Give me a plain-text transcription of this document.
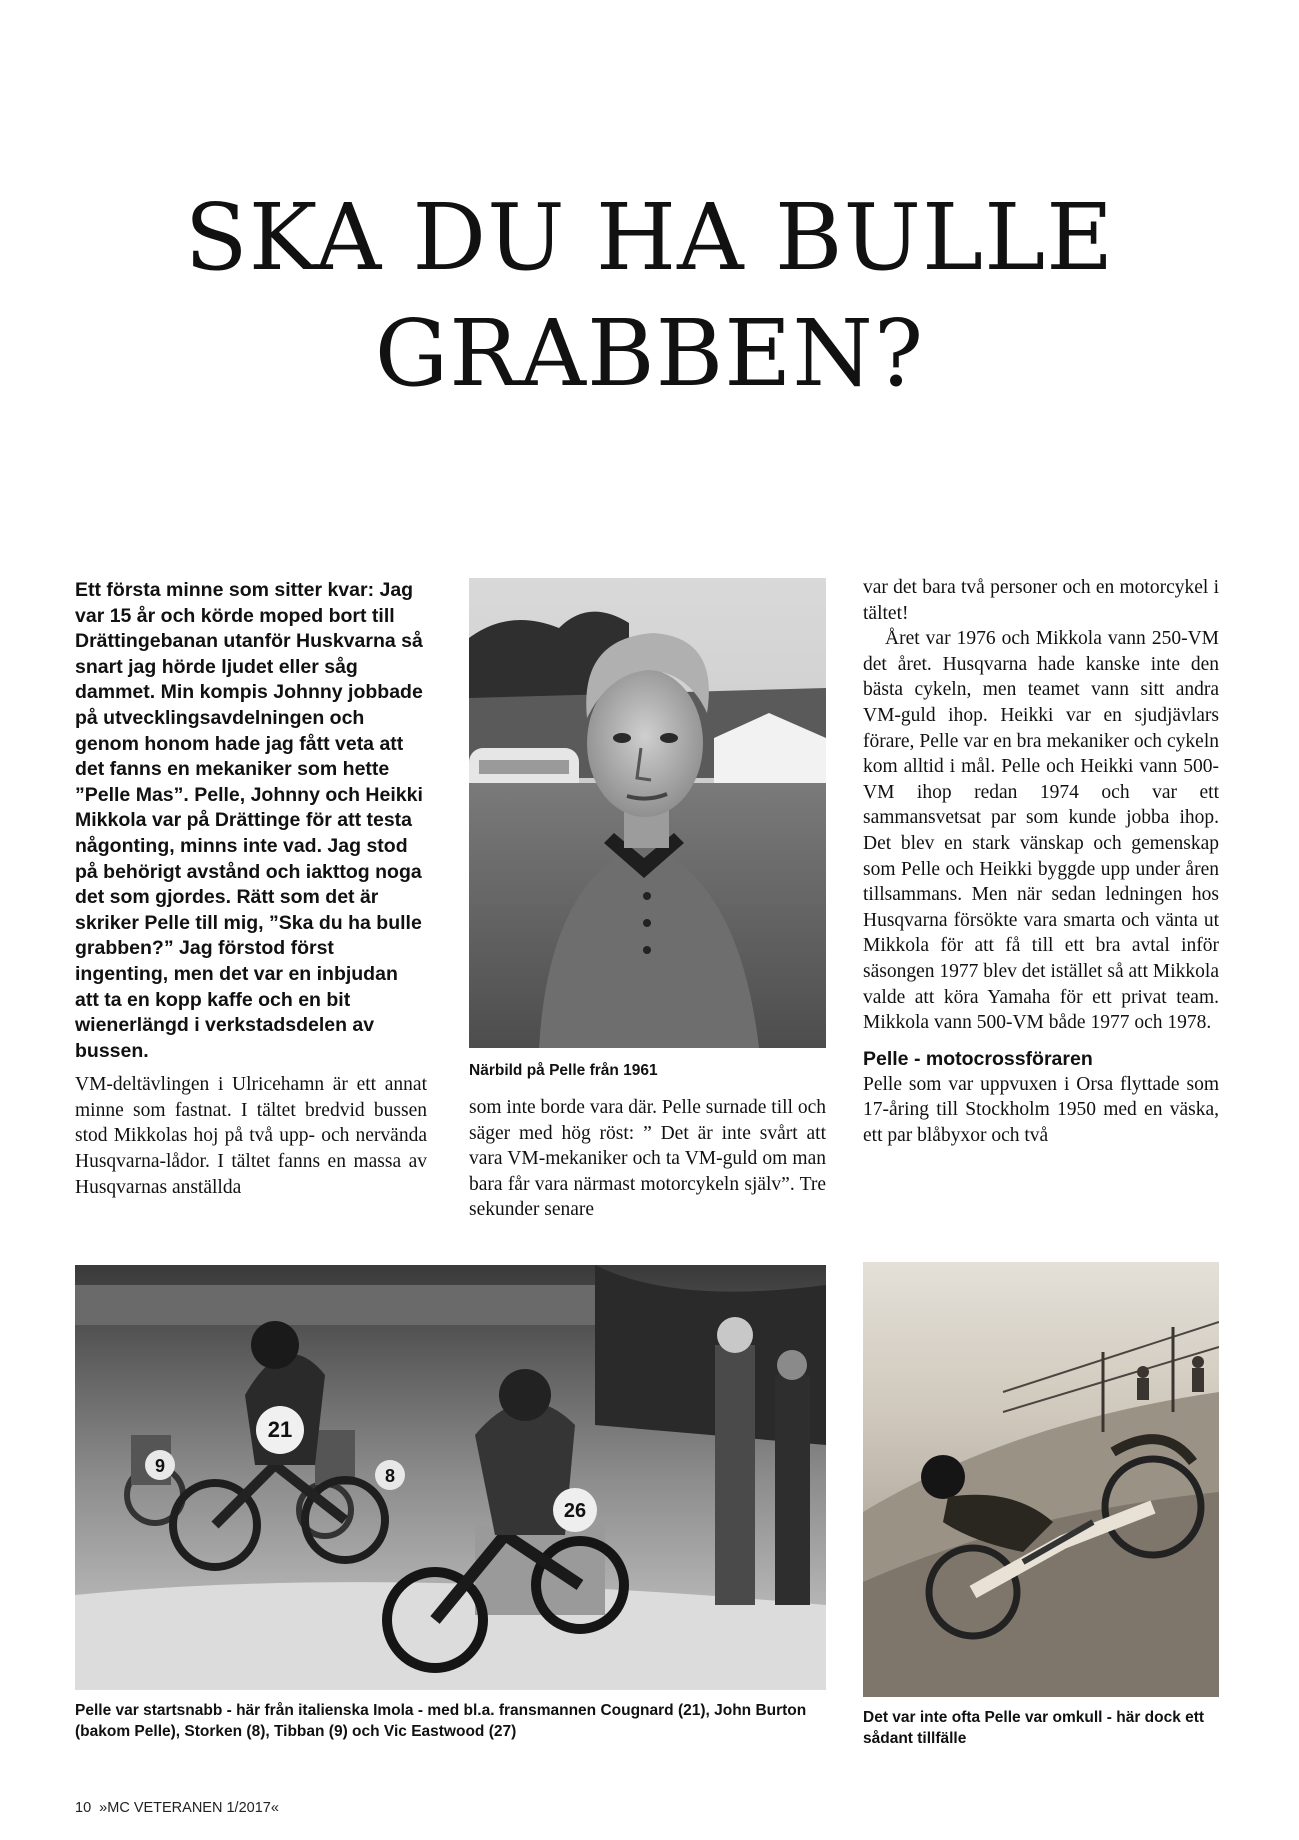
SKA DU HA BULLE
GRABBEN?

Ett första minne som sitter kvar: Jag var 15 år och körde moped bort till Drättingebanan utanför Huskvarna så snart jag hörde ljudet eller såg dammet. Min kompis Johnny jobbade på utvecklingsavdelningen och genom honom hade jag fått veta att det fanns en mekaniker som hette ”Pelle Mas”. Pelle, Johnny och Heikki Mikkola var på Drättinge för att testa någonting, minns inte vad. Jag stod på behörigt avstånd och iakttog noga det som gjordes. Rätt som det är skriker Pelle till mig, ”Ska du ha bulle grabben?” Jag förstod först ingenting, men det var en inbjudan att ta en kopp kaffe och en bit wienerlängd i verkstadsdelen av bussen.

VM-deltävlingen i Ulricehamn är ett annat minne som fastnat. I tältet bredvid bussen stod Mikkolas hoj på två upp- och nervända Husqvarna-lådor. I tältet fanns en massa av Husqvarnas anställda

Närbild på Pelle från 1961

som inte borde vara där. Pelle surnade till och säger med hög röst: ” Det är inte svårt att vara VM-mekaniker och ta VM-guld om man bara får vara närmast motorcykeln själv”. Tre sekunder senare

var det bara två personer och en motorcykel i tältet!

Året var 1976 och Mikkola vann 250-VM det året. Husqvarna hade kanske inte den bästa cykeln, men teamet vann sitt andra VM-guld ihop. Heikki var en sjudjävlars förare, Pelle var en bra mekaniker och cykeln kom alltid i mål. Pelle och Heikki vann 500-VM ihop redan 1974 och var ett sammansvetsat par som kunde jobba ihop. Det blev en stark vänskap och gemenskap som Pelle och Heikki byggde upp under åren tillsammans. Men när sedan ledningen hos Husqvarna försökte vara smarta och vänta ut Mikkola för att få till ett bra avtal inför säsongen 1977 blev det istället så att Mikkola valde att köra Yamaha för ett privat team. Mikkola vann 500-VM både 1977 och 1978.

Pelle - motocrossföraren

Pelle som var uppvuxen i Orsa flyttade som 17-åring till Stockholm 1950 med en väska, ett par blåbyxor och två

21
26
8
9
Pelle var startsnabb - här från italienska Imola - med bl.a. fransmannen Cougnard (21), John Burton (bakom Pelle), Storken (8), Tibban (9) och Vic Eastwood (27)
Det var inte ofta Pelle var omkull - här dock ett sådant tillfälle
10 »MC VETERANEN 1/2017«
